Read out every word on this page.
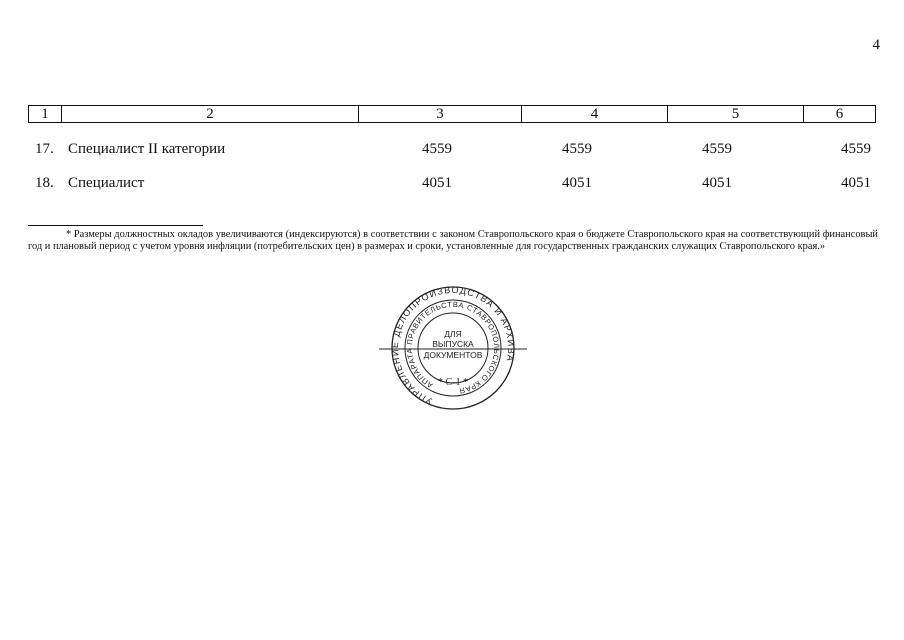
4
1	2	3	4	5	6
17. Специалист II категории	4559	4559	4559	4559
18. Специалист	4051	4051	4051	4051
* Размеры должностных окладов увеличиваются (индексируются) в соответствии с законом Ставропольского края о бюджете Ставропольского края на соответствующий финансовый год и плановый период с учетом уровня инфляции (потребительских цен) в размерах и сроки, установленные для государственных гражданских служащих Ставропольского края.»
УПРАВЛЕНИЕ ДЕЛОПРОИЗВОДСТВА И АРХИВА
АППАРАТА ПРАВИТЕЛЬСТВА СТАВРОПОЛЬСКОГО КРАЯ
ДЛЯ
ВЫПУСКА
ДОКУМЕНТОВ
* С-1 *
